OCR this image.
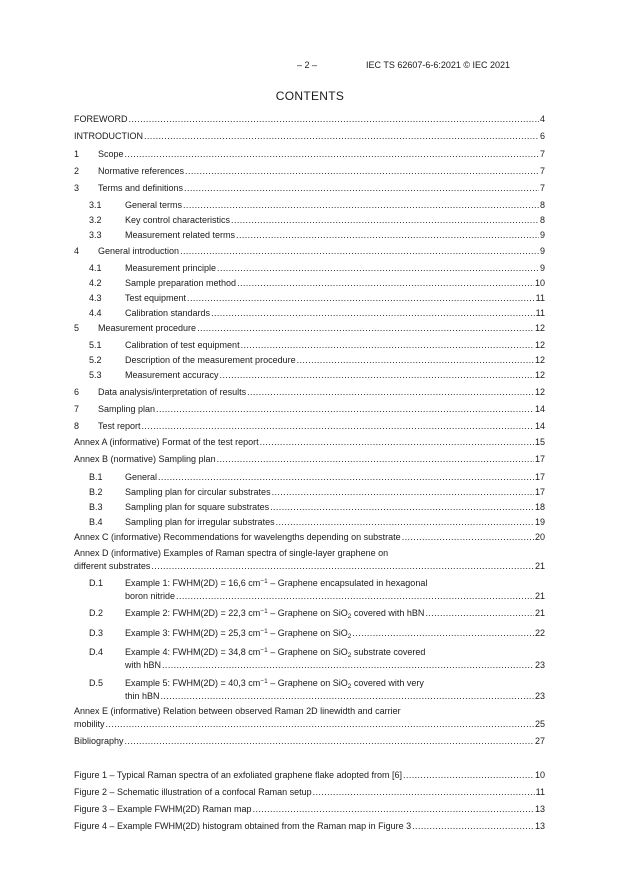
– 2 –	IEC TS 62607-6-6:2021 © IEC 2021
CONTENTS
FOREWORD .....	4
INTRODUCTION .....	6
1 Scope .....	7
2 Normative references .....	7
3 Terms and definitions .....	7
3.1	General terms .....	8
3.2	Key control characteristics .....	8
3.3	Measurement related terms .....	9
4 General introduction .....	9
4.1	Measurement principle .....	9
4.2	Sample preparation method .....	10
4.3	Test equipment .....	11
4.4	Calibration standards .....	11
5 Measurement procedure .....	12
5.1	Calibration of test equipment .....	12
5.2	Description of the measurement procedure .....	12
5.3	Measurement accuracy .....	12
6 Data analysis/interpretation of results .....	12
7 Sampling plan .....	14
8 Test report .....	14
Annex A (informative) Format of the test report .....	15
Annex B (normative) Sampling plan .....	17
B.1 General .....	17
B.2 Sampling plan for circular substrates .....	17
B.3 Sampling plan for square substrates .....	18
B.4 Sampling plan for irregular substrates .....	19
Annex C (informative) Recommendations for wavelengths depending on substrate .....	20
Annex D (informative) Examples of Raman spectra of single-layer graphene on
different substrates .....	21
D.1 Example 1: FWHM(2D) = 16,6 $cm^{-1}$ – Graphene encapsulated in hexagonal
boron nitride .....	21
D.2 Example 2: FWHM(2D) = 22,3 $cm^{-1}$ – Graphene on SiO$_2$ covered with hBN .....	21
D.3 Example 3: FWHM(2D) = 25,3 $cm^{-1}$ – Graphene on SiO$_2$ .....	22
D.4 Example 4: FWHM(2D) = 34,8 $cm^{-1}$ – Graphene on SiO$_2$ substrate covered
with hBN .....	23
D.5 Example 5: FWHM(2D) = 40,3 $cm^{-1}$ – Graphene on SiO$_2$ covered with very
thin hBN .....	23
Annex E (informative) Relation between observed Raman 2D linewidth and carrier
mobility .....	25
Bibliography .....	27
Figure 1 – Typical Raman spectra of an exfoliated graphene flake adopted from [6] .....	10
Figure 2 – Schematic illustration of a confocal Raman setup .....	11
Figure 3 – Example FWHM(2D) Raman map .....	13
Figure 4 – Example FWHM(2D) histogram obtained from the Raman map in Figure 3 .....	13
